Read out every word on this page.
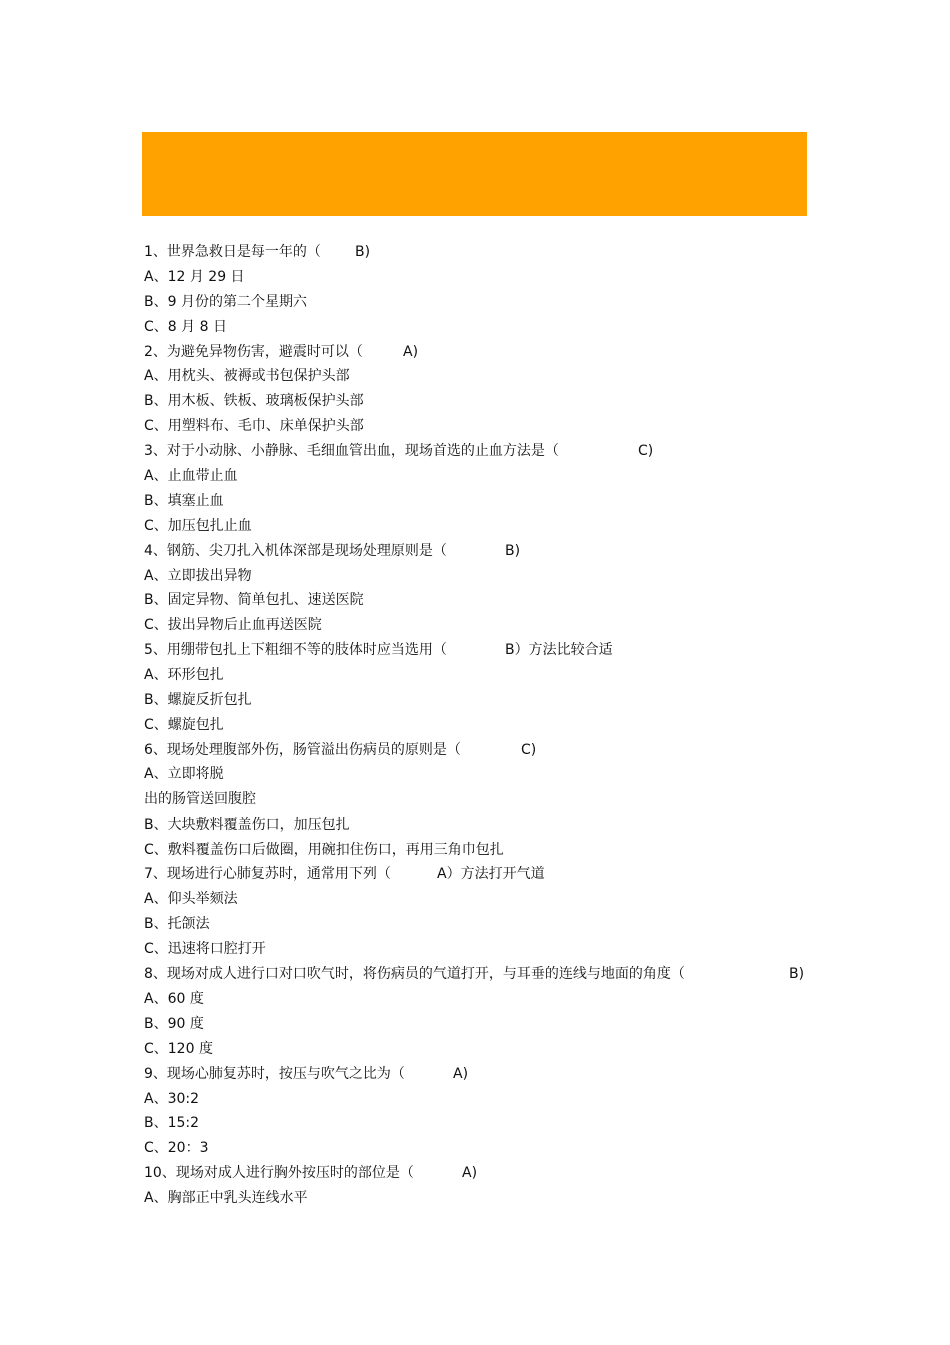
1、世界急救日是每一年的（ B)
A、12 月 29 日
B、9 月份的第二个星期六
C、8 月 8 日
2、为避免异物伤害，避震时可以（	A)
A、用枕头、被褥或书包保护头部
B、用木板、铁板、玻璃板保护头部
C、用塑料布、毛巾、床单保护头部
3、对于小动脉、小静脉、毛细血管出血，现场首选的止血方法是（	C)
A、止血带止血
B、填塞止血
C、加压包扎止血
4、钢筋、尖刀扎入机体深部是现场处理原则是（	B)
A、立即拔出异物
B、固定异物、简单包扎、速送医院
C、拔出异物后止血再送医院
5、用绷带包扎上下粗细不等的肢体时应当选用（	B）方法比较合适
A、环形包扎
B、螺旋反折包扎
C、螺旋包扎
6、现场处理腹部外伤，肠管溢出伤病员的原则是（	C)
A、立即将脱
出的肠管送回腹腔
B、大块敷料覆盖伤口，加压包扎
C、敷料覆盖伤口后做圈，用碗扣住伤口，再用三角巾包扎
7、现场进行心肺复苏时，通常用下列（	A）方法打开气道
A、仰头举颏法
B、托颌法
C、迅速将口腔打开
8、现场对成人进行口对口吹气时，将伤病员的气道打开，与耳垂的连线与地面的角度（	B)
A、60 度
B、90 度
C、120 度
9、现场心肺复苏时，按压与吹气之比为（	A)
A、30:2
B、15:2
C、20：3
10、现场对成人进行胸外按压时的部位是（	A)
A、胸部正中乳头连线水平
